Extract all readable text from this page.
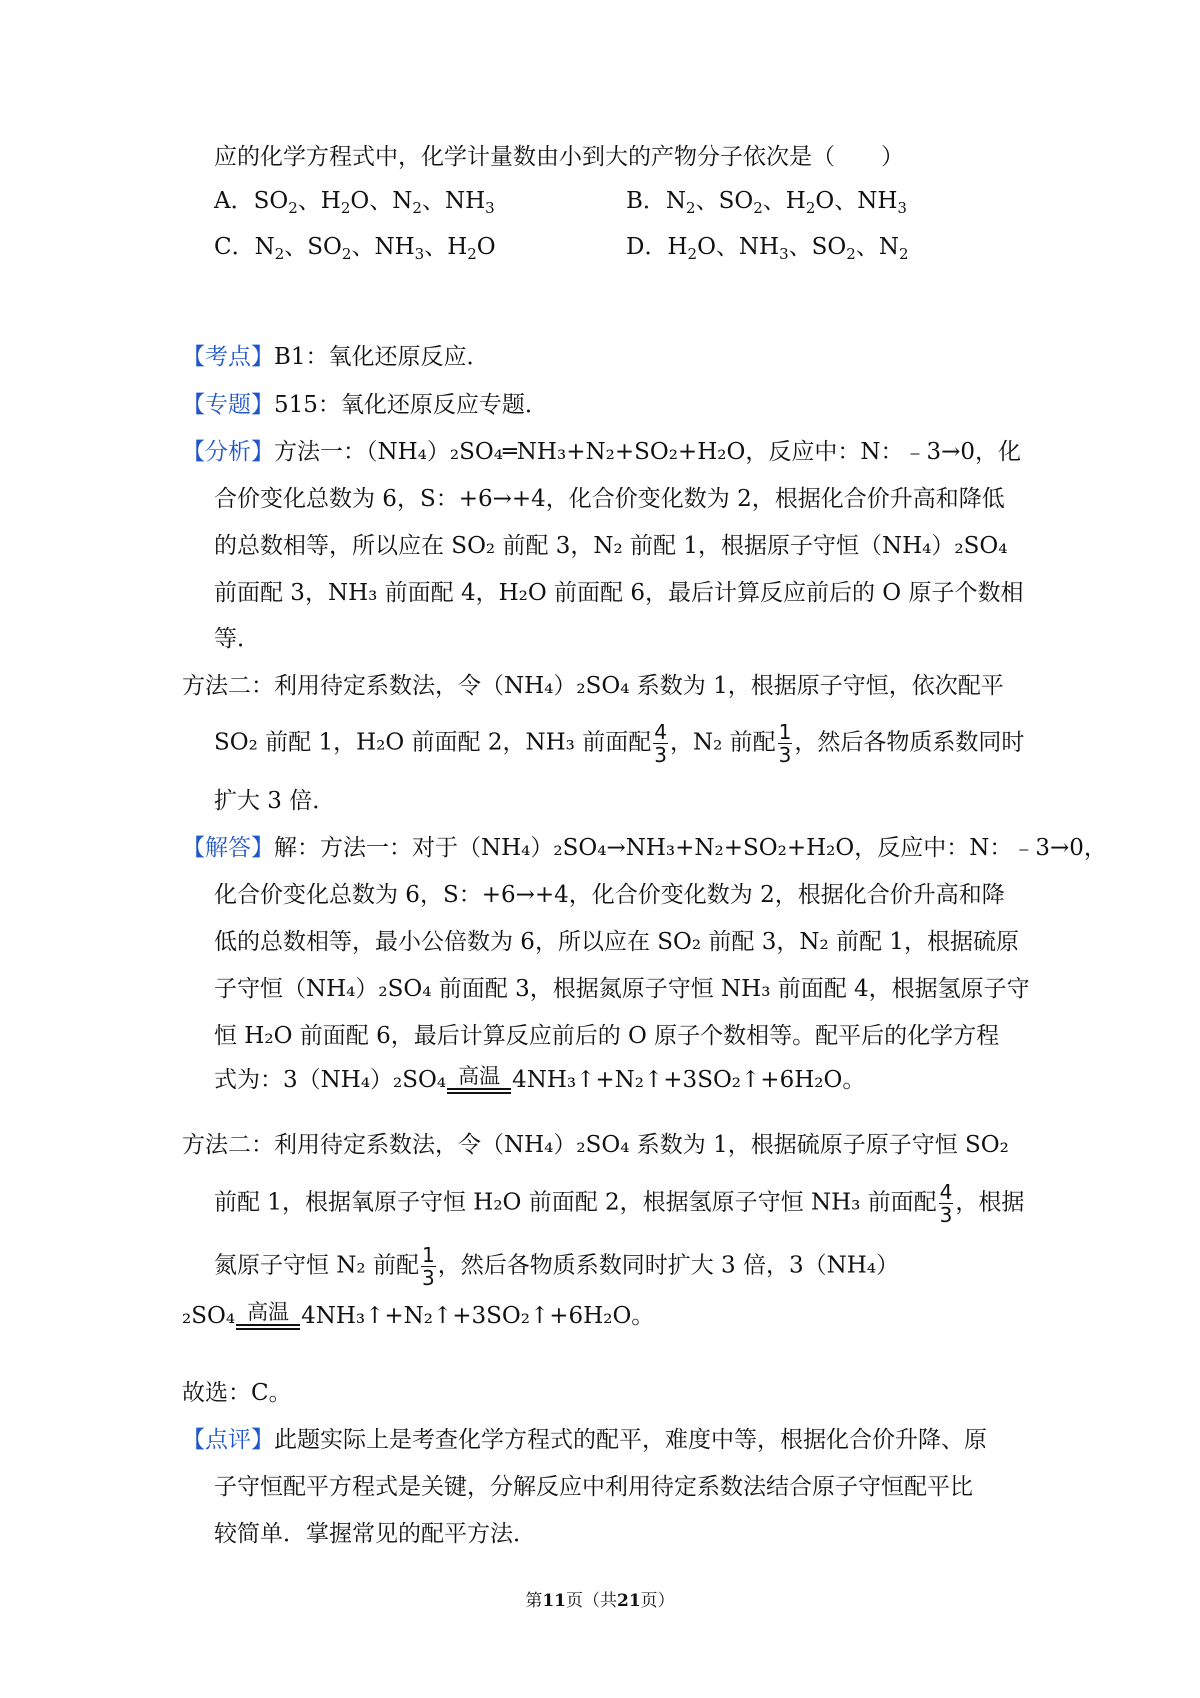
应的化学方程式中，化学计量数由小到大的产物分子依次是（　　）
A．$SO_2$、$H_2O$、$N_2$、$NH_3$	B．$N_2$、$SO_2$、$H_2O$、$NH_3$
C．$N_2$、$SO_2$、$NH_3$、$H_2O$	D．$H_2O$、$NH_3$、$SO_2$、$N_2$
【考点】B1：氧化还原反应．
【专题】515：氧化还原反应专题．
【分析】方法一：（NH₄）₂SO₄═NH₃+N₂+SO₂+H₂O，反应中：N：﹣3→0，化
合价变化总数为 6，S：+6→+4，化合价变化数为 2，根据化合价升高和降低
的总数相等，所以应在 SO₂ 前配 3，N₂ 前配 1，根据原子守恒（NH₄）₂SO₄
前面配 3，NH₃ 前面配 4，H₂O 前面配 6，最后计算反应前后的 O 原子个数相
等．
方法二：利用待定系数法，令（NH₄）₂SO₄ 系数为 1，根据原子守恒，依次配平
SO₂ 前配 1，H₂O 前面配 2，NH₃ 前面配 $\frac{4}{3}$ ，N₂ 前配 $\frac{1}{3}$ ，然后各物质系数同时
扩大 3 倍．
【解答】解：方法一：对于（NH₄）₂SO₄→NH₃+N₂+SO₂+H₂O，反应中：N：﹣3→0，
化合价变化总数为 6，S：+6→+4，化合价变化数为 2，根据化合价升高和降
低的总数相等，最小公倍数为 6，所以应在 SO₂ 前配 3，N₂ 前配 1，根据硫原
子守恒（NH₄）₂SO₄ 前面配 3，根据氮原子守恒 NH₃ 前面配 4，根据氢原子守
恒 H₂O 前面配 6，最后计算反应前后的 O 原子个数相等。配平后的化学方程
式为：3（NH₄）₂SO₄ 高温 4NH₃↑+N₂↑+3SO₂↑+6H₂O。
方法二：利用待定系数法，令（NH₄）₂SO₄ 系数为 1，根据硫原子原子守恒 SO₂
前配 1，根据氧原子守恒 H₂O 前面配 2，根据氢原子守恒 NH₃ 前面配 $\frac{4}{3}$ ，根据
氮原子守恒 N₂ 前配 $\frac{1}{3}$ ，然后各物质系数同时扩大 3 倍，3（NH₄）
₂SO₄ 高温 4NH₃↑+N₂↑+3SO₂↑+6H₂O。
故选：C。
【点评】此题实际上是考查化学方程式的配平，难度中等，根据化合价升降、原
子守恒配平方程式是关键，分解反应中利用待定系数法结合原子守恒配平比
较简单．掌握常见的配平方法．
第11页（共21页）
